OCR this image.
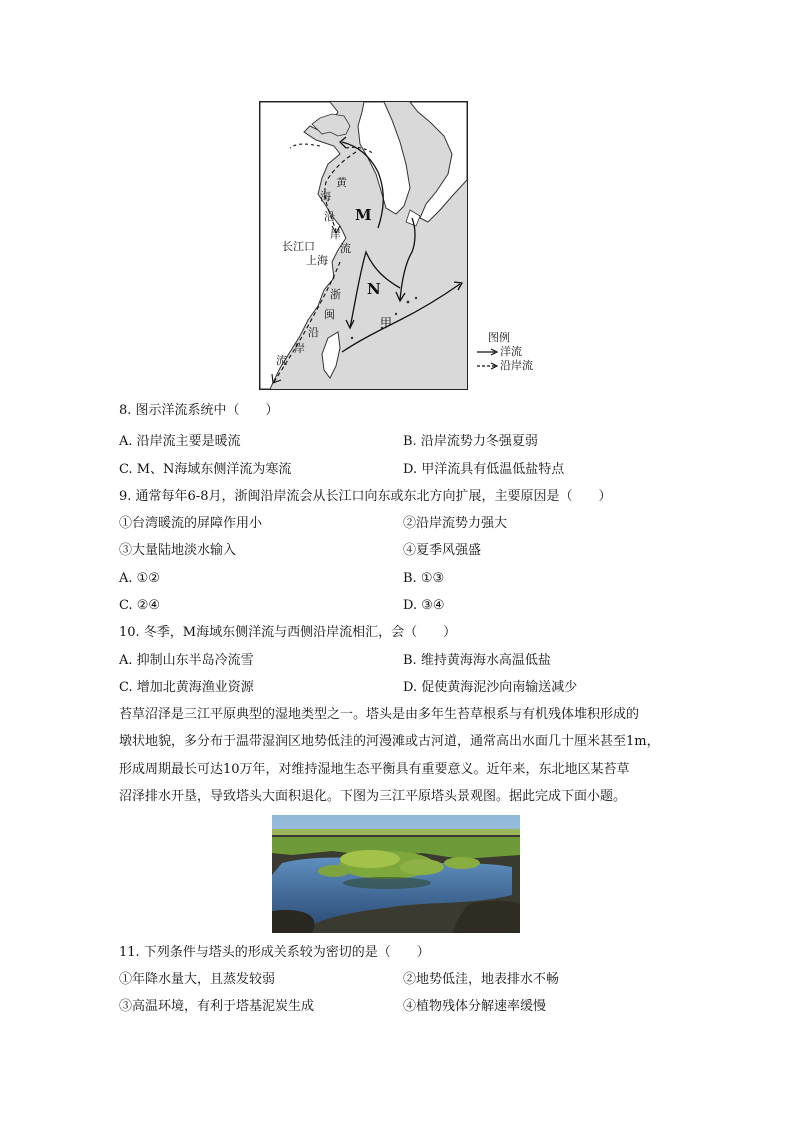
M
N
长江口
上海
甲
黄
海
沿
岸
流
浙
闽
沿
岸
流
图例
洋流
沿岸流
8. 图示洋流系统中（　　）
A. 沿岸流主要是暖流	B. 沿岸流势力冬强夏弱
C. M、N海域东侧洋流为寒流	D. 甲洋流具有低温低盐特点
9. 通常每年6-8月，浙闽沿岸流会从长江口向东或东北方向扩展，主要原因是（　　）
①台湾暖流的屏障作用小	②沿岸流势力强大
③大量陆地淡水输入	④夏季风强盛
A. ①②	B. ①③
C. ②④	D. ③④
10. 冬季，M海域东侧洋流与西侧沿岸流相汇，会（　　）
A. 抑制山东半岛冷流雪	B. 维持黄海海水高温低盐
C. 增加北黄海渔业资源	D. 促使黄海泥沙向南输送减少
苔草沼泽是三江平原典型的湿地类型之一。塔头是由多年生苔草根系与有机残体堆积形成的
墩状地貌，多分布于温带湿润区地势低洼的河漫滩或古河道，通常高出水面几十厘米甚至1m，
形成周期最长可达10万年，对维持湿地生态平衡具有重要意义。近年来，东北地区某苔草
沼泽排水开垦，导致塔头大面积退化。下图为三江平原塔头景观图。据此完成下面小题。
11. 下列条件与塔头的形成关系较为密切的是（　　）
①年降水量大，且蒸发较弱	②地势低洼，地表排水不畅
③高温环境，有利于塔基泥炭生成	④植物残体分解速率缓慢
